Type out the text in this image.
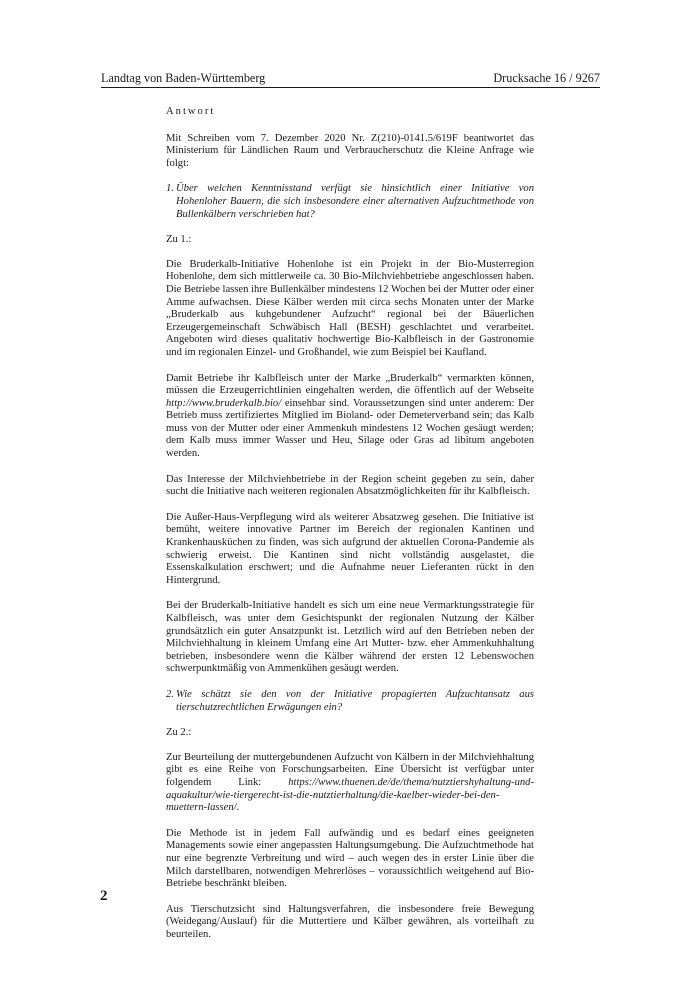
Landtag von Baden-Württemberg	Drucksache 16 / 9267

Antwort

Mit Schreiben vom 7. Dezember 2020 Nr. Z(210)-0141.5/619F beantwortet das Ministerium für Ländlichen Raum und Verbraucherschutz die Kleine Anfrage wie folgt:

1. Über welchen Kenntnisstand verfügt sie hinsichtlich einer Initiative von Hohenloher Bauern, die sich insbesondere einer alternativen Aufzuchtmethode von Bullenkälbern verschrieben hat?

Zu 1.:

Die Bruderkalb-Initiative Hohenlohe ist ein Projekt in der Bio-Musterregion Hohenlohe, dem sich mittlerweile ca. 30 Bio-Milchviehbetriebe angeschlossen haben. Die Betriebe lassen ihre Bullenkälber mindestens 12 Wochen bei der Mutter oder einer Amme aufwachsen. Diese Kälber werden mit circa sechs Monaten unter der Marke „Bruderkalb aus kuhgebundener Aufzucht“ regional bei der Bäuerlichen Erzeugergemeinschaft Schwäbisch Hall (BESH) geschlachtet und verarbeitet. Angeboten wird dieses qualitativ hochwertige Bio-Kalbfleisch in der Gastronomie und im regionalen Einzel- und Großhandel, wie zum Beispiel bei Kaufland.

Damit Betriebe ihr Kalbfleisch unter der Marke „Bruderkalb“ vermarkten können, müssen die Erzeugerrichtlinien eingehalten werden, die öffentlich auf der Webseite http://www.bruderkalb.bio/ einsehbar sind. Voraussetzungen sind unter anderem: Der Betrieb muss zertifiziertes Mitglied im Bioland- oder Demeterverband sein; das Kalb muss von der Mutter oder einer Ammenkuh mindestens 12 Wochen gesäugt werden; dem Kalb muss immer Wasser und Heu, Silage oder Gras ad libitum angeboten werden.

Das Interesse der Milchviehbetriebe in der Region scheint gegeben zu sein, daher sucht die Initiative nach weiteren regionalen Absatzmöglichkeiten für ihr Kalbfleisch.

Die Außer-Haus-Verpflegung wird als weiterer Absatzweg gesehen. Die Initiative ist bemüht, weitere innovative Partner im Bereich der regionalen Kantinen und Krankenhausküchen zu finden, was sich aufgrund der aktuellen Corona-Pandemie als schwierig erweist. Die Kantinen sind nicht vollständig ausgelastet, die Essenskalkulation erschwert; und die Aufnahme neuer Lieferanten rückt in den Hintergrund.

Bei der Bruderkalb-Initiative handelt es sich um eine neue Vermarktungsstrategie für Kalbfleisch, was unter dem Gesichtspunkt der regionalen Nutzung der Kälber grundsätzlich ein guter Ansatzpunkt ist. Letztlich wird auf den Betrieben neben der Milchviehhaltung in kleinem Umfang eine Art Mutter- bzw. eher Ammenkuhhaltung betrieben, insbesondere wenn die Kälber während der ersten 12 Lebenswochen schwerpunktmäßig von Ammenkühen gesäugt werden.

2. Wie schätzt sie den von der Initiative propagierten Aufzuchtansatz aus tierschutzrechtlichen Erwägungen ein?

Zu 2.:

Zur Beurteilung der muttergebundenen Aufzucht von Kälbern in der Milchviehhaltung gibt es eine Reihe von Forschungsarbeiten. Eine Übersicht ist verfügbar unter folgendem Link:	https://www.thuenen.de/de/thema/nutztiershyhaltung-und-aquakultur/wie-tiergerecht-ist-die-nutztierhaltung/die-kaelber-wieder-bei-den-muettern-lassen/.

Die Methode ist in jedem Fall aufwändig und es bedarf eines geeigneten Managements sowie einer angepassten Haltungsumgebung. Die Aufzuchtmethode hat nur eine begrenzte Verbreitung und wird – auch wegen des in erster Linie über die Milch darstellbaren, notwendigen Mehrerlöses – voraussichtlich weitgehend auf Bio-Betriebe beschränkt bleiben.

Aus Tierschutzsicht sind Haltungsverfahren, die insbesondere freie Bewegung (Weidegang/Auslauf) für die Muttertiere und Kälber gewähren, als vorteilhaft zu beurteilen.

2
